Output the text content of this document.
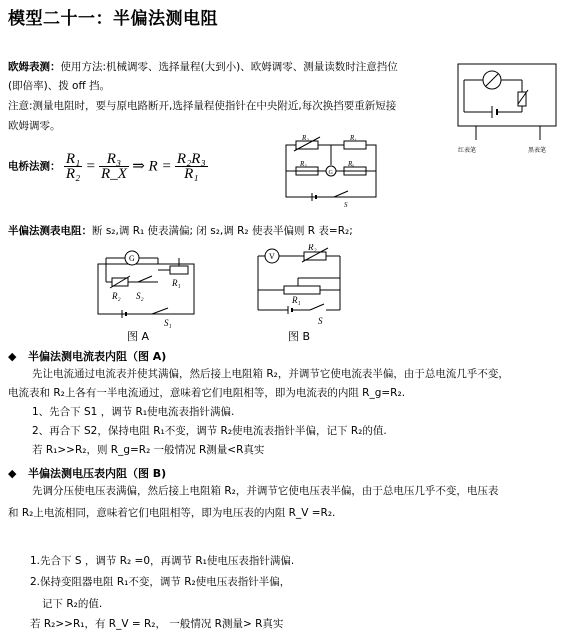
模型二十一：半偏法测电阻
欧姆表测：使用方法:机械调零、选择量程(大到小)、欧姆调零、测量读数时注意挡位
(即倍率)、拨 off 挡。
注意:测量电阻时，要与原电路断开,选择量程使指针在中央附近,每次换挡要重新短接
欧姆调零。
红表笔	黑表笔
电桥法测： $\frac{\text{R₁}}{\text{R₂}} = \frac{\text{R₃}}{R\_X}$ ⇒ $R = \frac{\text{R₂R₃}}{\text{R₁}}$
R₂	R₁
R₃	Rₓ
G
S
半偏法测表电阻：断 s₂,调 R₁ 使表满偏; 闭 s₂,调 R₂ 使表半偏则 R 表=R₂;
G
R₂ S₂
R₁
S₁
图 A
V
R₂
R₁
S
图 B
◆   半偏法测电流表内阻（图 A)
先让电流通过电流表并使其满偏，然后接上电阻箱 R₂，并调节它使电流表半偏，由于总电流几乎不变，
电流表和 R₂上各有一半电流通过，意味着它们电阻相等，即为电流表的内阻 R_g=R₂.
1、先合下 S1 ，调节 R₁使电流表指针满偏.
2、再合下 S2，保持电阻 R₁不变，调节 R₂使电流表指针半偏，记下 R₂的值.
若 R₁>>R₂，则 R_g=R₂ 一般情况 R测量<R真实
◆   半偏法测电压表内阻（图 B)
先调分压使电压表满偏，然后接上电阻箱 R₂，并调节它使电压表半偏，由于总电压几乎不变，电压表
和 R₂上电流相同，意味着它们电阻相等，即为电压表的内阻 R_V =R₂.
1.先合下 S ，调节 R₂ =0，再调节 R₁使电压表指针满偏.
2.保持变阻器电阻 R₁不变，调节 R₂使电压表指针半偏，
记下 R₂的值.
若 R₂>>R₁，有 R_V = R₂， 一般情况 R测量> R真实
